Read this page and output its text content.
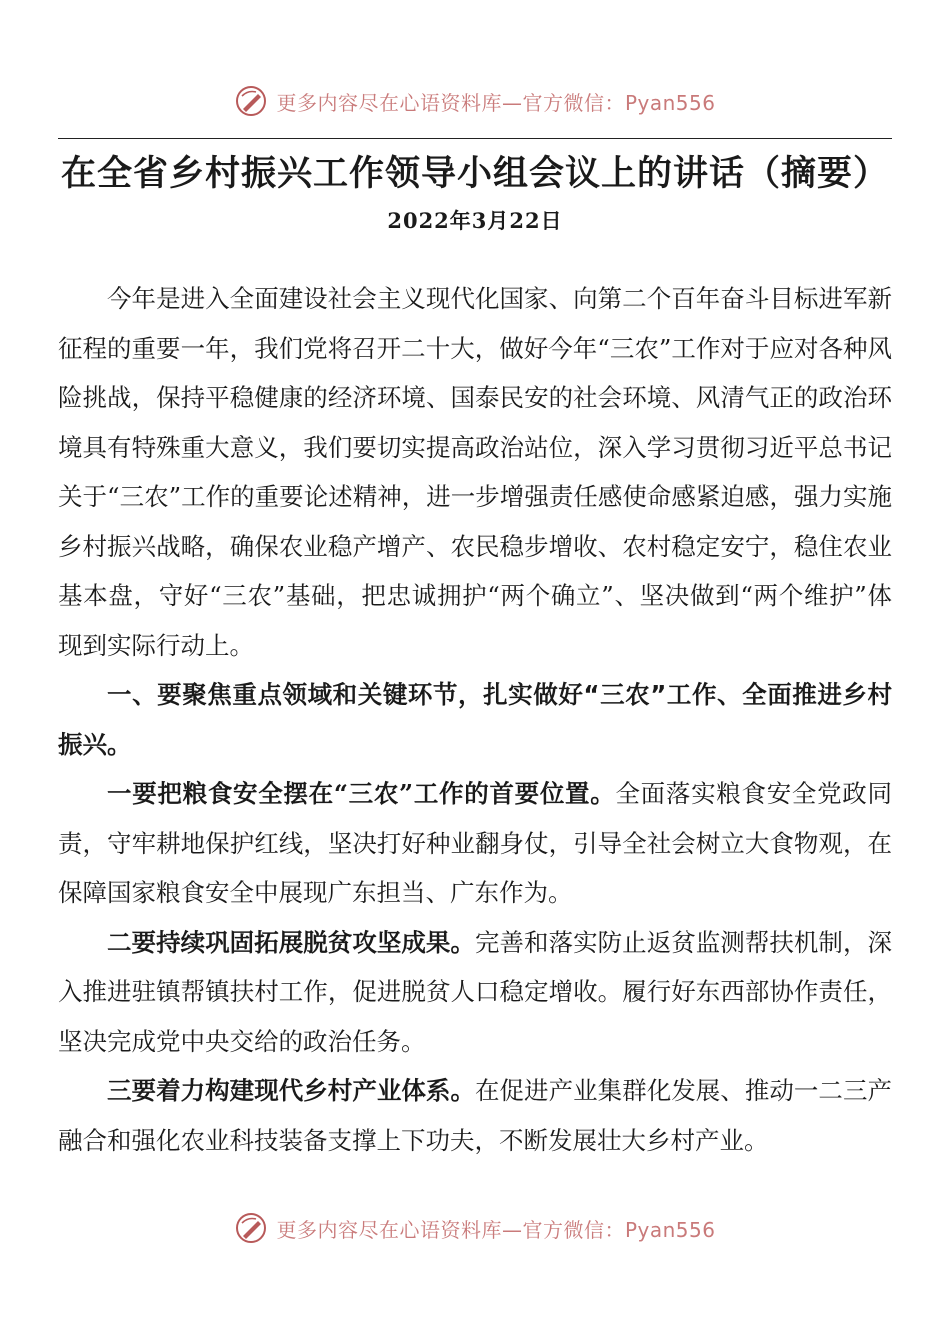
更多内容尽在心语资料库—官方微信：Pyan556
在全省乡村振兴工作领导小组会议上的讲话（摘要）
2022年3月22日

今年是进入全面建设社会主义现代化国家、向第二个百年奋斗目标进军新征程的重要一年，我们党将召开二十大，做好今年“三农”工作对于应对各种风险挑战，保持平稳健康的经济环境、国泰民安的社会环境、风清气正的政治环境具有特殊重大意义，我们要切实提高政治站位，深入学习贯彻习近平总书记关于“三农”工作的重要论述精神，进一步增强责任感使命感紧迫感，强力实施乡村振兴战略，确保农业稳产增产、农民稳步增收、农村稳定安宁，稳住农业基本盘，守好“三农”基础，把忠诚拥护“两个确立”、坚决做到“两个维护”体现到实际行动上。

一、要聚焦重点领域和关键环节，扎实做好“三农”工作、全面推进乡村振兴。

一要把粮食安全摆在“三农”工作的首要位置。全面落实粮食安全党政同责，守牢耕地保护红线，坚决打好种业翻身仗，引导全社会树立大食物观，在保障国家粮食安全中展现广东担当、广东作为。

二要持续巩固拓展脱贫攻坚成果。完善和落实防止返贫监测帮扶机制，深入推进驻镇帮镇扶村工作，促进脱贫人口稳定增收。履行好东西部协作责任，坚决完成党中央交给的政治任务。

三要着力构建现代乡村产业体系。在促进产业集群化发展、推动一二三产融合和强化农业科技装备支撑上下功夫，不断发展壮大乡村产业。

更多内容尽在心语资料库—官方微信：Pyan556
